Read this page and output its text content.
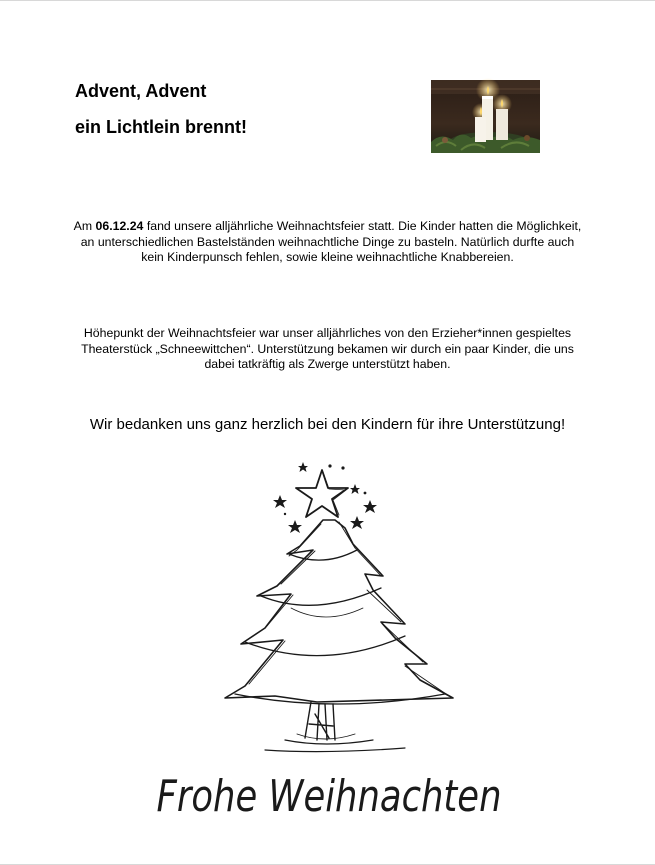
Advent, Advent
ein Lichtlein brennt!
Am 06.12.24 fand unsere alljährliche Weihnachtsfeier statt. Die Kinder hatten die Möglichkeit, an unterschiedlichen Bastelständen weihnachtliche Dinge zu basteln. Natürlich durfte auch kein Kinderpunsch fehlen, sowie kleine weihnachtliche Knabbereien.
Höhepunkt der Weihnachtsfeier war unser alljährliches von den Erzieher*innen gespieltes Theaterstück „Schneewittchen“. Unterstützung bekamen wir durch ein paar Kinder, die uns dabei tatkräftig als Zwerge unterstützt haben.
Wir bedanken uns ganz herzlich bei den Kindern für ihre Unterstützung!
Frohe Weihnachten
